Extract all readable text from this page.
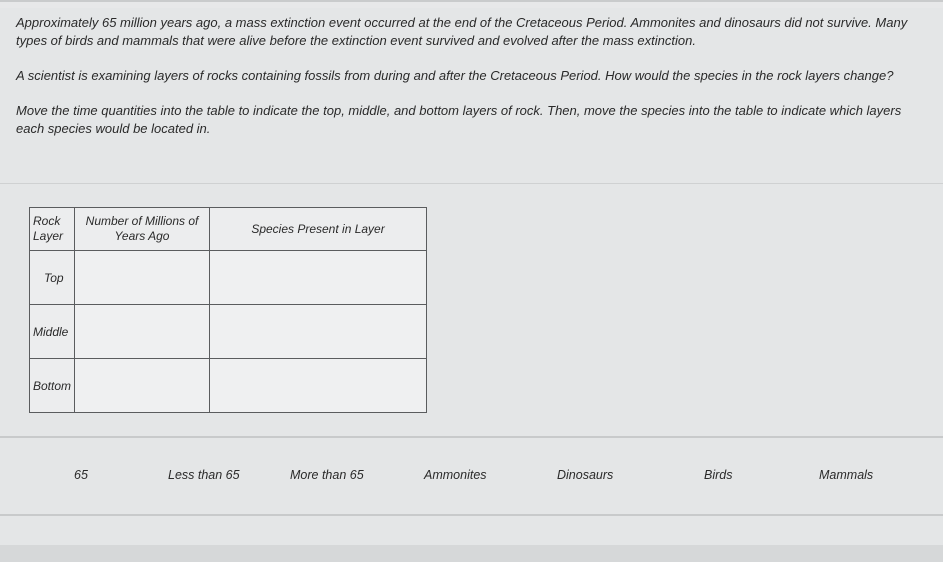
Approximately 65 million years ago, a mass extinction event occurred at the end of the Cretaceous Period. Ammonites and dinosaurs did not survive. Many types of birds and mammals that were alive before the extinction event survived and evolved after the mass extinction.

A scientist is examining layers of rocks containing fossils from during and after the Cretaceous Period. How would the species in the rock layers change?

Move the time quantities into the table to indicate the top, middle, and bottom layers of rock. Then, move the species into the table to indicate which layers each species would be located in.

Rock Layer	Number of Millions of Years Ago	Species Present in Layer
Top		
Middle		
Bottom		
65	Less than 65	More than 65	Ammonites	Dinosaurs	Birds	Mammals
